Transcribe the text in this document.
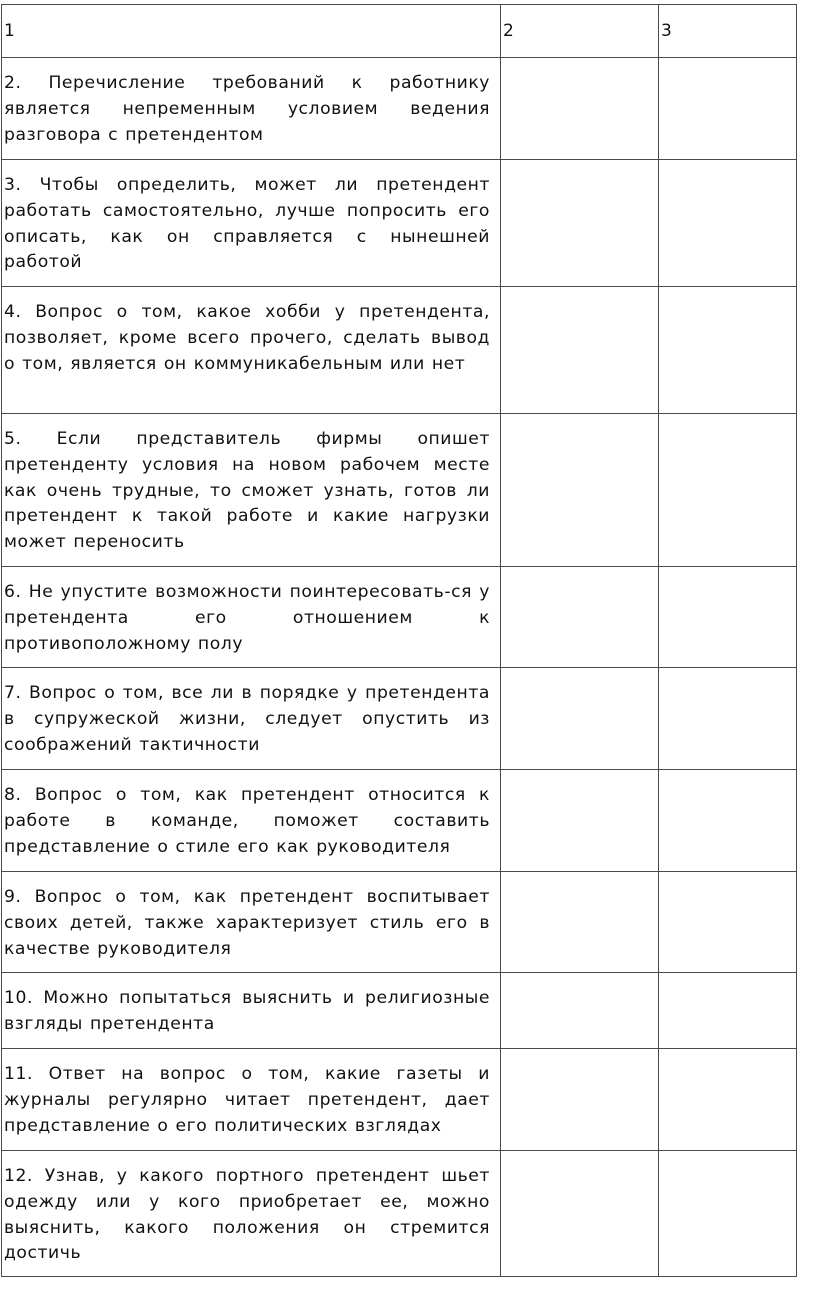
1	2	3

2. Перечисление требований к работнику является непременным условием ведения разговора с претендентом		

3. Чтобы определить, может ли претендент работать самостоятельно, лучше попросить его описать, как он справляется с нынешней работой		

4. Вопрос о том, какое хобби у претендента, позволяет, кроме всего прочего, сделать вывод о том, является он коммуникабельным или нет		

5. Если представитель фирмы опишет претенденту условия на новом рабочем месте как очень трудные, то сможет узнать, готов ли претендент к такой работе и какие нагрузки может переносить		

6. Не упустите возможности поинтересовать-ся у претендента его отношением к противоположному полу		

7. Вопрос о том, все ли в порядке у претендента в супружеской жизни, следует опустить из соображений тактичности		

8. Вопрос о том, как претендент относится к работе в команде, поможет составить представление о стиле его как руководителя		

9. Вопрос о том, как претендент воспитывает своих детей, также характеризует стиль его в качестве руководителя		

10. Можно попытаться выяснить и религиозные взгляды претендента		

11. Ответ на вопрос о том, какие газеты и журналы регулярно читает претендент, дает представление о его политических взглядах		

12. Узнав, у какого портного претендент шьет одежду или у кого приобретает ее, можно выяснить, какого положения он стремится достичь		
